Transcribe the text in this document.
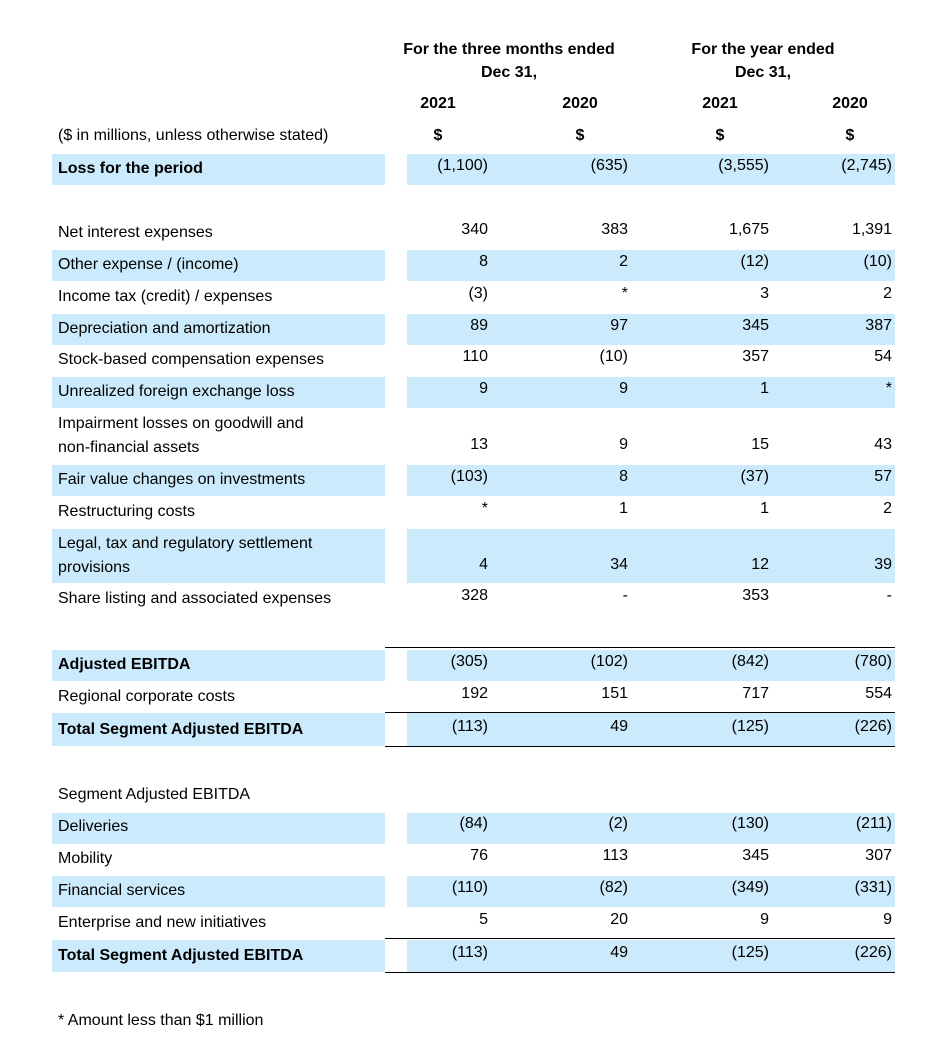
For the three months ended
Dec 31,
For the year ended
Dec 31,
2021	2020	2021	2020
($ in millions, unless otherwise stated)	$	$	$	$
Loss for the period	(1,100)	(635)	(3,555)	(2,745)
Net interest expenses	340	383	1,675	1,391
Other expense / (income)	8	2	(12)	(10)
Income tax (credit) / expenses	(3)	*	3	2
Depreciation and amortization	89	97	345	387
Stock-based compensation expenses	110	(10)	357	54
Unrealized foreign exchange loss	9	9	1	*
Impairment losses on goodwill and
non-financial assets	13	9	15	43
Fair value changes on investments	(103)	8	(37)	57
Restructuring costs	*	1	1	2
Legal, tax and regulatory settlement
provisions	4	34	12	39
Share listing and associated expenses	328	-	353	-
Adjusted EBITDA	(305)	(102)	(842)	(780)
Regional corporate costs	192	151	717	554
Total Segment Adjusted EBITDA	(113)	49	(125)	(226)
Segment Adjusted EBITDA
Deliveries	(84)	(2)	(130)	(211)
Mobility	76	113	345	307
Financial services	(110)	(82)	(349)	(331)
Enterprise and new initiatives	5	20	9	9
Total Segment Adjusted EBITDA	(113)	49	(125)	(226)
* Amount less than $1 million
